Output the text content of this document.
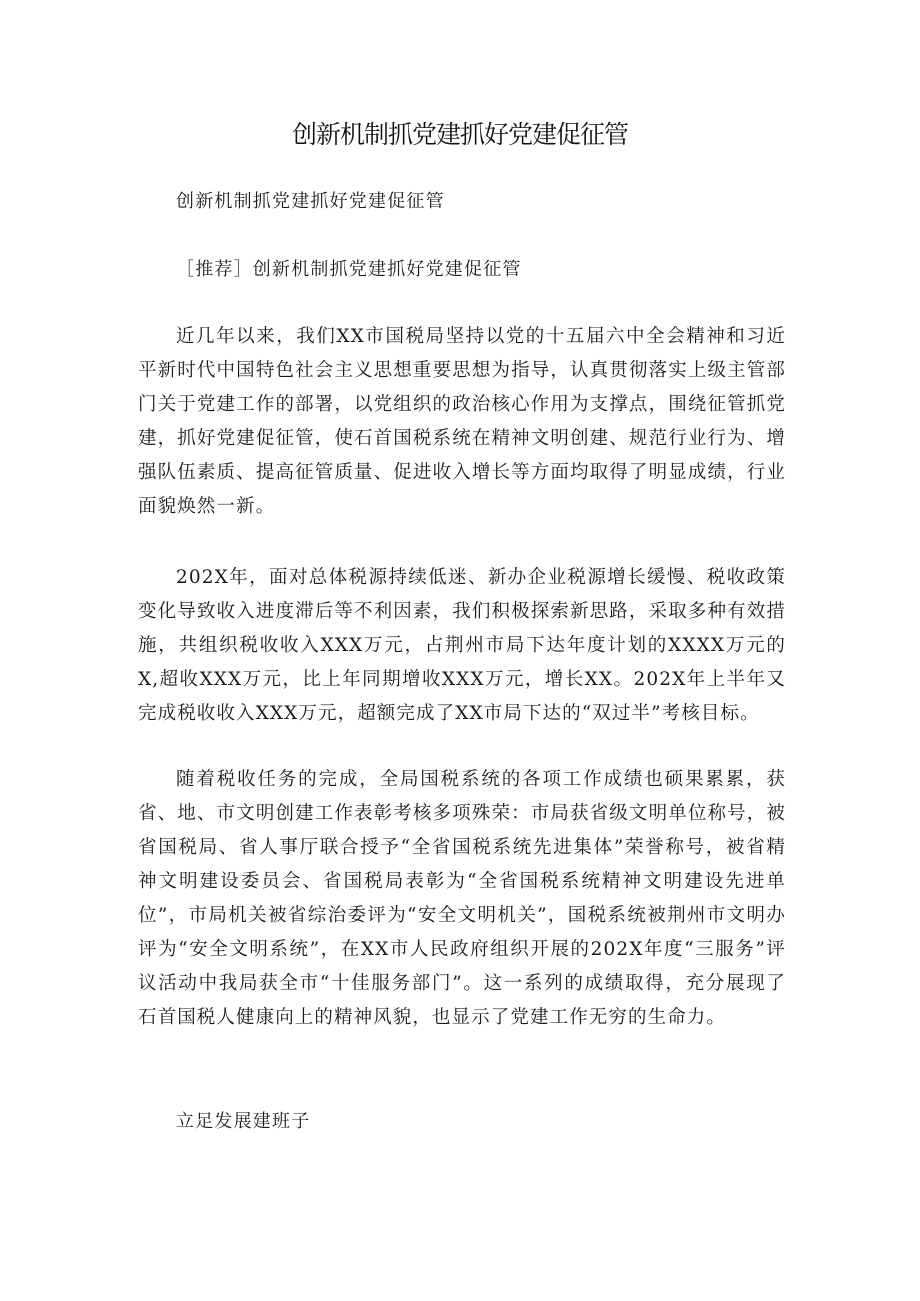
创新机制抓党建抓好党建促征管

创新机制抓党建抓好党建促征管

［推荐］创新机制抓党建抓好党建促征管

近几年以来，我们XX市国税局坚持以党的十五届六中全会精神和习近平新时代中国特色社会主义思想重要思想为指导，认真贯彻落实上级主管部门关于党建工作的部署，以党组织的政治核心作用为支撑点，围绕征管抓党建，抓好党建促征管，使石首国税系统在精神文明创建、规范行业行为、增强队伍素质、提高征管质量、促进收入增长等方面均取得了明显成绩，行业面貌焕然一新。

202X年，面对总体税源持续低迷、新办企业税源增长缓慢、税收政策变化导致收入进度滞后等不利因素，我们积极探索新思路，采取多种有效措施，共组织税收收入XXX万元，占荆州市局下达年度计划的XXXX万元的X,超收XXX万元，比上年同期增收XXX万元，增长XX。202X年上半年又完成税收收入XXX万元，超额完成了XX市局下达的“双过半”考核目标。

随着税收任务的完成，全局国税系统的各项工作成绩也硕果累累，获省、地、市文明创建工作表彰考核多项殊荣：市局获省级文明单位称号，被省国税局、省人事厅联合授予“全省国税系统先进集体”荣誉称号，被省精神文明建设委员会、省国税局表彰为“全省国税系统精神文明建设先进单位”，市局机关被省综治委评为“安全文明机关”，国税系统被荆州市文明办评为“安全文明系统”，在XX市人民政府组织开展的202X年度“三服务”评议活动中我局获全市“十佳服务部门”。这一系列的成绩取得，充分展现了石首国税人健康向上的精神风貌，也显示了党建工作无穷的生命力。

立足发展建班子
